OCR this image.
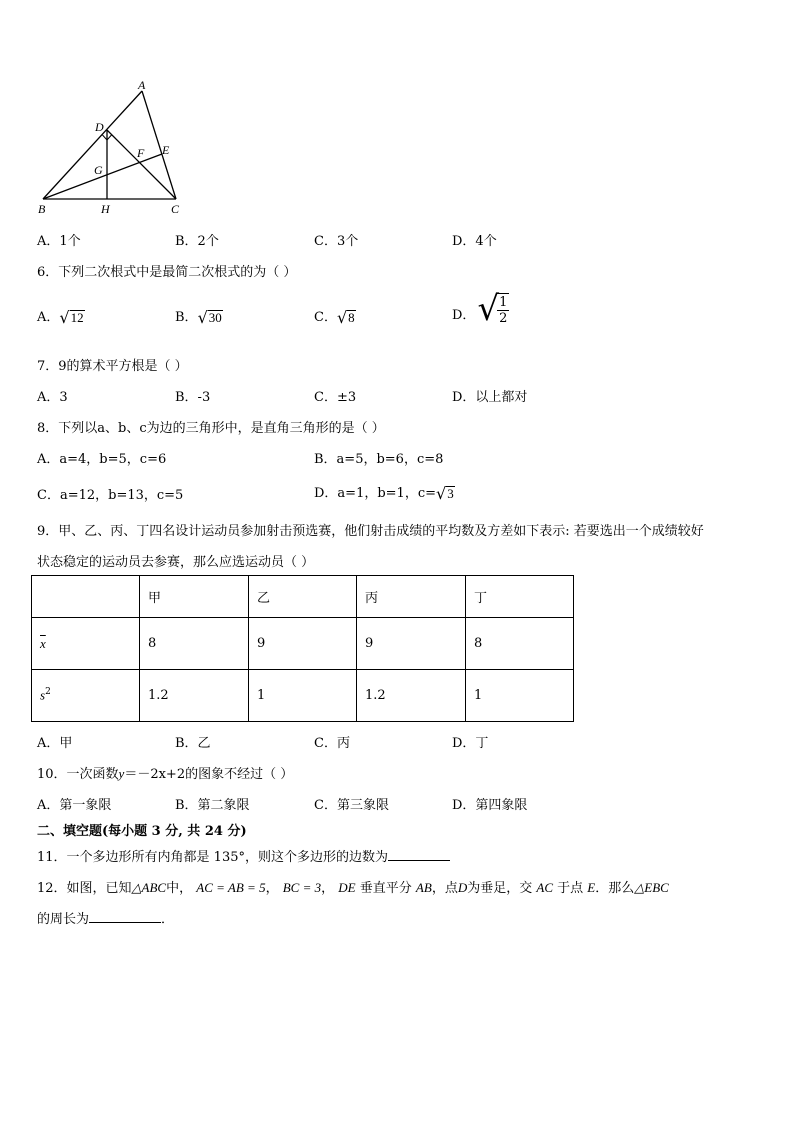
A
D
E
F
G
B	H	C
A．1个	B．2个	C．3个	D．4个
6．下列二次根式中是最简二次根式的为（ ）
A． √ 12	B． √ 30	C． √ 8	D． √
$\frac{1}{2}$
7．9的算术平方根是（ ）
A．3	B．-3	C．±3	D．以上都对
8．下列以a、b、c为边的三角形中，是直角三角形的是（ ）
A．a=4，b=5，c=6	B．a=5，b=6，c=8
C．a=12，b=13，c=5	D．a=1，b=1，c= √ 3
9．甲、乙、丙、丁四名设计运动员参加射击预选赛，他们射击成绩的平均数及方差如下表示: 若要选出一个成绩较好
状态稳定的运动员去参赛，那么应选运动员（ ）
	甲	乙	丙	丁
$\overline{x}$	8	9	9	8
$s^2$	1.2	1	1.2	1
A．甲	B．乙	C．丙	D．丁
10．一次函数y＝－2x+2的图象不经过（ ）
A．第一象限	B．第二象限	C．第三象限	D．第四象限
二、填空题(每小题 3 分, 共 24 分)
11．一个多边形所有内角都是 135°，则这个多边形的边数为
12．如图，已知△ABC中， AC = AB = 5， BC = 3， DE 垂直平分 AB，点D为垂足，交 AC 于点 E．那么△EBC
的周长为	．
